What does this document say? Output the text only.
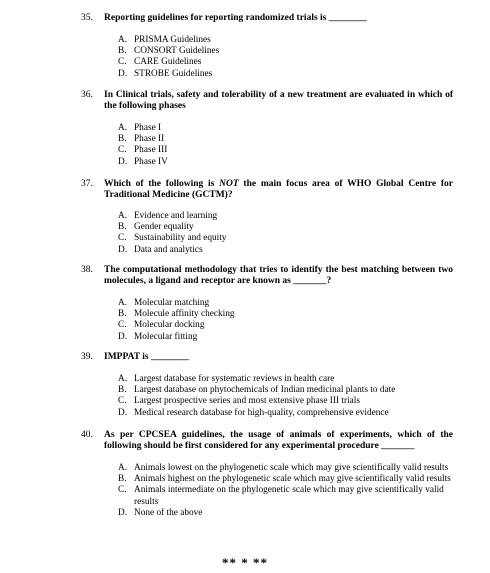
35. Reporting guidelines for reporting randomized trials is ________
A. PRISMA Guidelines
B. CONSORT Guidelines
C. CARE Guidelines
D. STROBE Guidelines
36. In Clinical trials, safety and tolerability of a new treatment are evaluated in which of the following phases
A. Phase I
B. Phase II
C. Phase III
D. Phase IV
37. Which of the following is NOT the main focus area of WHO Global Centre for Traditional Medicine (GCTM)?
A. Evidence and learning
B. Gender equality
C. Sustainability and equity
D. Data and analytics
38. The computational methodology that tries to identify the best matching between two molecules, a ligand and receptor are known as _______?
A. Molecular matching
B. Molecule affinity checking
C. Molecular docking
D. Molecular fitting
39. IMPPAT is ________
A. Largest database for systematic reviews in health care
B. Largest database on phytochemicals of Indian medicinal plants to date
C. Largest prospective series and most extensive phase III trials
D. Medical research database for high-quality, comprehensive evidence
40. As per CPCSEA guidelines, the usage of animals of experiments, which of the following should be first considered for any experimental procedure _______
A. Animals lowest on the phylogenetic scale which may give scientifically valid results
B. Animals highest on the phylogenetic scale which may give scientifically valid results
C. Animals intermediate on the phylogenetic scale which may give scientifically valid results
D. None of the above
** * **
